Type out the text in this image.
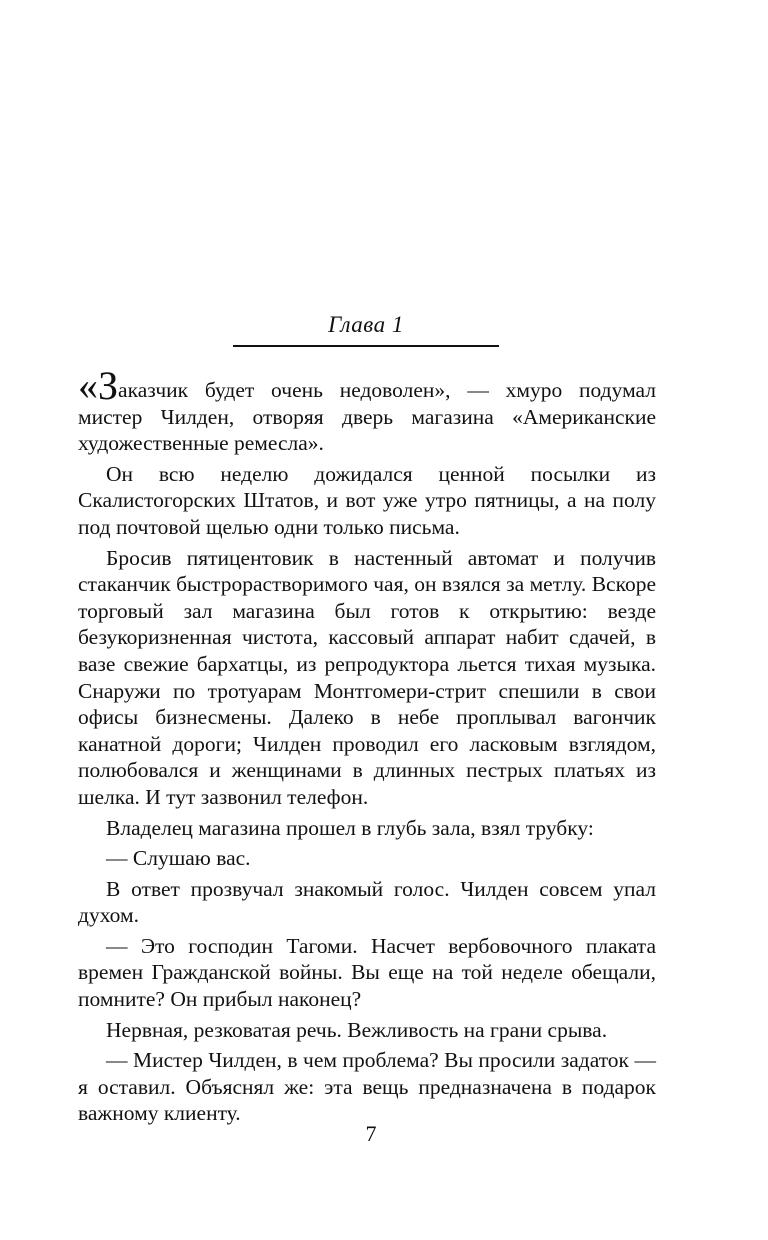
Глава 1

«Заказчик будет очень недоволен», — хмуро подумал мистер Чилден, отворяя дверь магазина «Американские художественные ремесла».

Он всю неделю дожидался ценной посылки из Скалистогорских Штатов, и вот уже утро пятницы, а на полу под почтовой щелью одни только письма.

Бросив пятицентовик в настенный автомат и получив стаканчик быстрорастворимого чая, он взялся за метлу. Вскоре торговый зал магазина был готов к открытию: везде безукоризненная чистота, кассовый аппарат набит сдачей, в вазе свежие бархатцы, из репродуктора льется тихая музыка. Снаружи по тротуарам Монтгомери-стрит спешили в свои офисы бизнесмены. Далеко в небе проплывал вагончик канатной дороги; Чилден проводил его ласковым взглядом, полюбовался и женщинами в длинных пестрых платьях из шелка. И тут зазвонил телефон.

Владелец магазина прошел в глубь зала, взял трубку:

— Слушаю вас.

В ответ прозвучал знакомый голос. Чилден совсем упал духом.

— Это господин Тагоми. Насчет вербовочного плаката времен Гражданской войны. Вы еще на той неделе обещали, помните? Он прибыл наконец?

Нервная, резковатая речь. Вежливость на грани срыва.

— Мистер Чилден, в чем проблема? Вы просили задаток — я оставил. Объяснял же: эта вещь предназначена в подарок важному клиенту.

7
